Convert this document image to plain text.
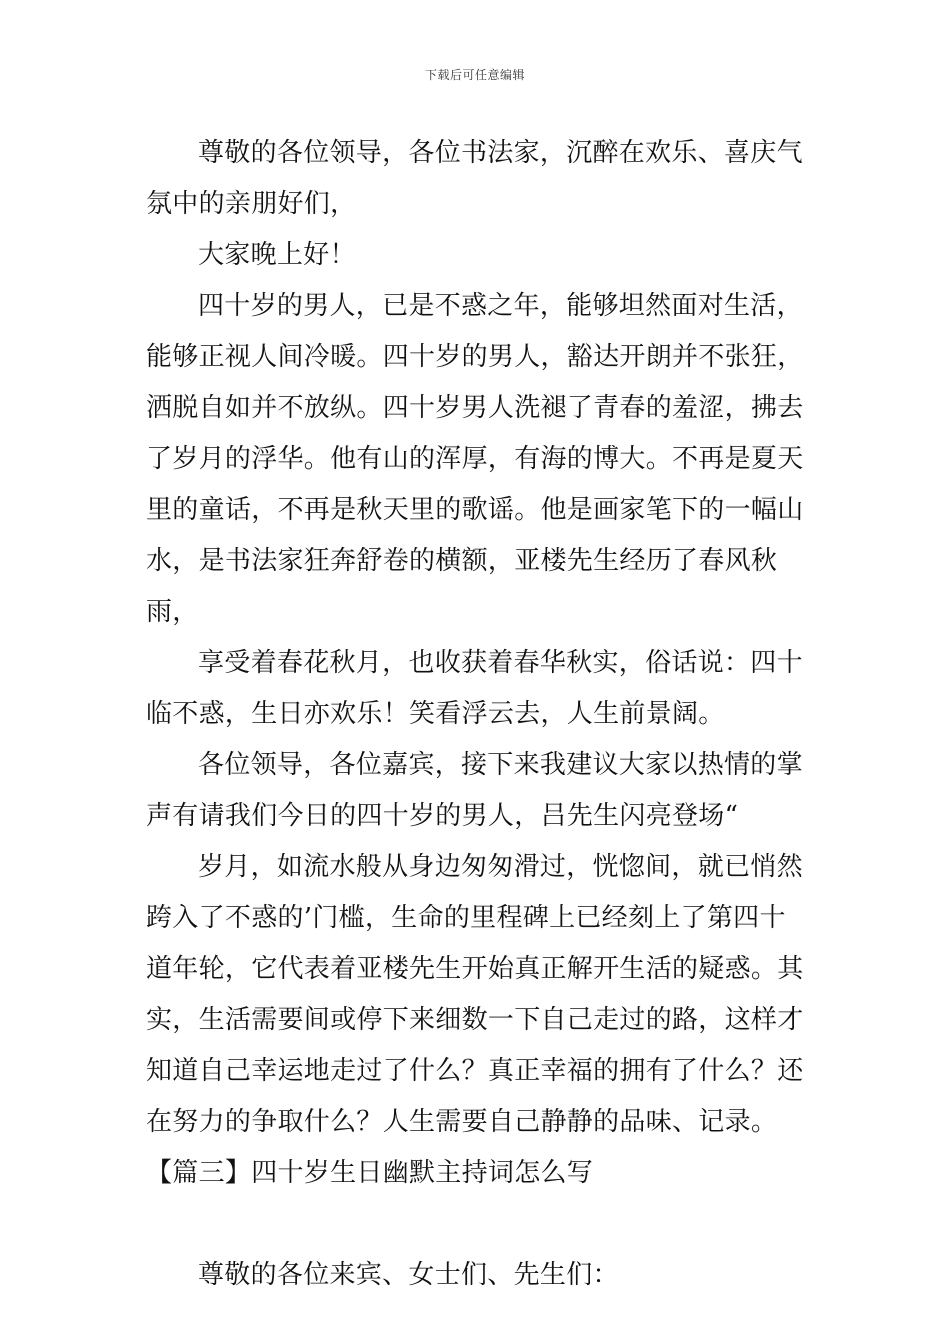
下载后可任意编辑

尊敬的各位领导，各位书法家，沉醉在欢乐、喜庆气氛中的亲朋好们，

大家晚上好！

四十岁的男人，已是不惑之年，能够坦然面对生活，能够正视人间冷暖。四十岁的男人，豁达开朗并不张狂，洒脱自如并不放纵。四十岁男人洗褪了青春的羞涩，拂去了岁月的浮华。他有山的浑厚，有海的博大。不再是夏天里的童话，不再是秋天里的歌谣。他是画家笔下的一幅山水，是书法家狂奔舒卷的横额，亚楼先生经历了春风秋雨，

享受着春花秋月，也收获着春华秋实，俗话说：四十临不惑，生日亦欢乐！笑看浮云去，人生前景阔。

各位领导，各位嘉宾，接下来我建议大家以热情的掌声有请我们今日的四十岁的男人，吕先生闪亮登场“

岁月，如流水般从身边匆匆滑过，恍惚间，就已悄然跨入了不惑的’门槛，生命的里程碑上已经刻上了第四十道年轮，它代表着亚楼先生开始真正解开生活的疑惑。其实，生活需要间或停下来细数一下自己走过的路，这样才知道自己幸运地走过了什么？真正幸福的拥有了什么？还在努力的争取什么？人生需要自己静静的品味、记录。

【篇三】四十岁生日幽默主持词怎么写

尊敬的各位来宾、女士们、先生们：
